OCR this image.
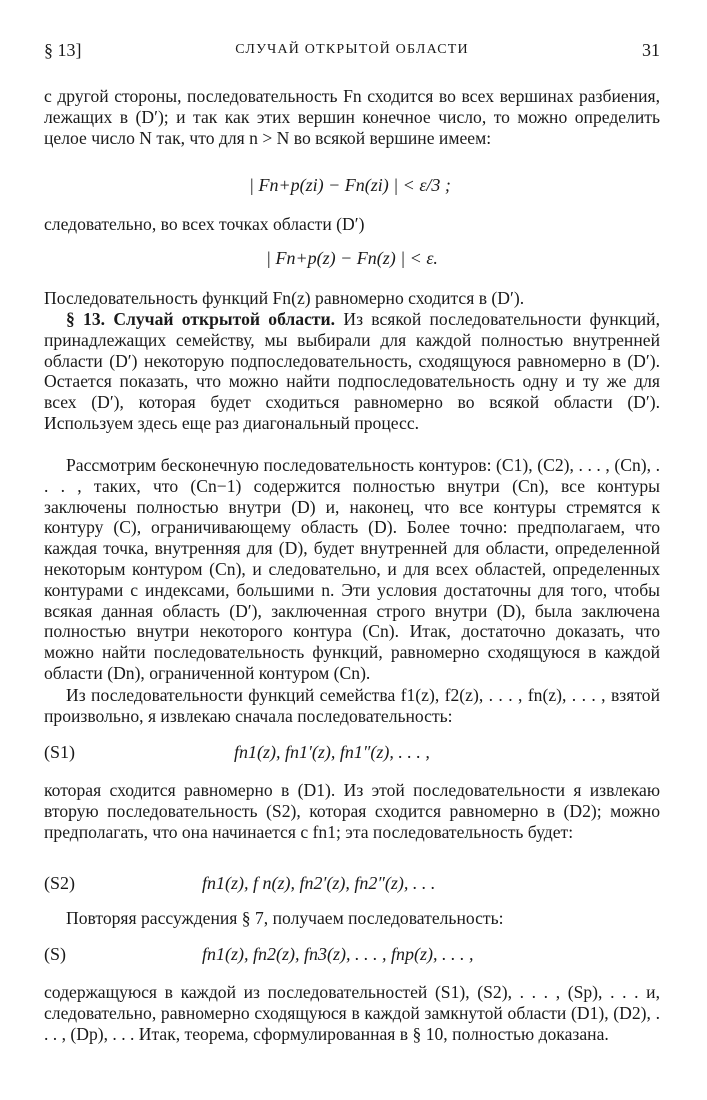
§ 13]	СЛУЧАЙ ОТКРЫТОЙ ОБЛАСТИ	31
с другой стороны, последовательность Fn сходится во всех вершинах разбиения, лежащих в (D′); и так как этих вершин конечное число, то можно определить целое число N так, что для n > N во всякой вершине имеем:
| Fn+p(zi) − Fn(zi) | < ε/3 ;
следовательно, во всех точках области (D′)
| Fn+p(z) − Fn(z) | < ε.
Последовательность функций Fn(z) равномерно сходится в (D′).
§ 13. Случай открытой области. Из всякой последовательности функций, принадлежащих семейству, мы выбирали для каждой полностью внутренней области (D′) некоторую подпоследовательность, сходящуюся равномерно в (D′). Остается показать, что можно найти подпоследовательность одну и ту же для всех (D′), которая будет сходиться равномерно во всякой области (D′). Используем здесь еще раз диагональный процесс.
Рассмотрим бесконечную последовательность контуров: (C1), (C2), . . . , (Cn), . . . , таких, что (Cn−1) содержится полностью внутри (Cn), все контуры заключены полностью внутри (D) и, наконец, что все контуры стремятся к контуру (C), ограничивающему область (D). Более точно: предполагаем, что каждая точка, внутренняя для (D), будет внутренней для области, определенной некоторым контуром (Cn), и следовательно, и для всех областей, определенных контурами с индексами, большими n. Эти условия достаточны для того, чтобы всякая данная область (D′), заключенная строго внутри (D), была заключена полностью внутри некоторого контура (Cn). Итак, достаточно доказать, что можно найти последовательность функций, равномерно сходящуюся в каждой области (Dn), ограниченной контуром (Cn).
Из последовательности функций семейства f1(z), f2(z), . . . , fn(z), . . . , взятой произвольно, я извлекаю сначала последовательность:
(S1)	fn1(z), fn1′(z), fn1″(z), . . . ,
которая сходится равномерно в (D1). Из этой последовательности я извлекаю вторую последовательность (S2), которая сходится равномерно в (D2); можно предполагать, что она начинается с fn1; эта последовательность будет:
(S2)	fn1(z), f n(z), fn2′(z), fn2″(z), . . .
Повторяя рассуждения § 7, получаем последовательность:
(S)	fn1(z), fn2(z), fn3(z), . . . , fnp(z), . . . ,
содержащуюся в каждой из последовательностей (S1), (S2), . . . , (Sp), . . . и, следовательно, равномерно сходящуюся в каждой замкнутой области (D1), (D2), . . . , (Dp), . . . Итак, теорема, сформулированная в § 10, полностью доказана.
